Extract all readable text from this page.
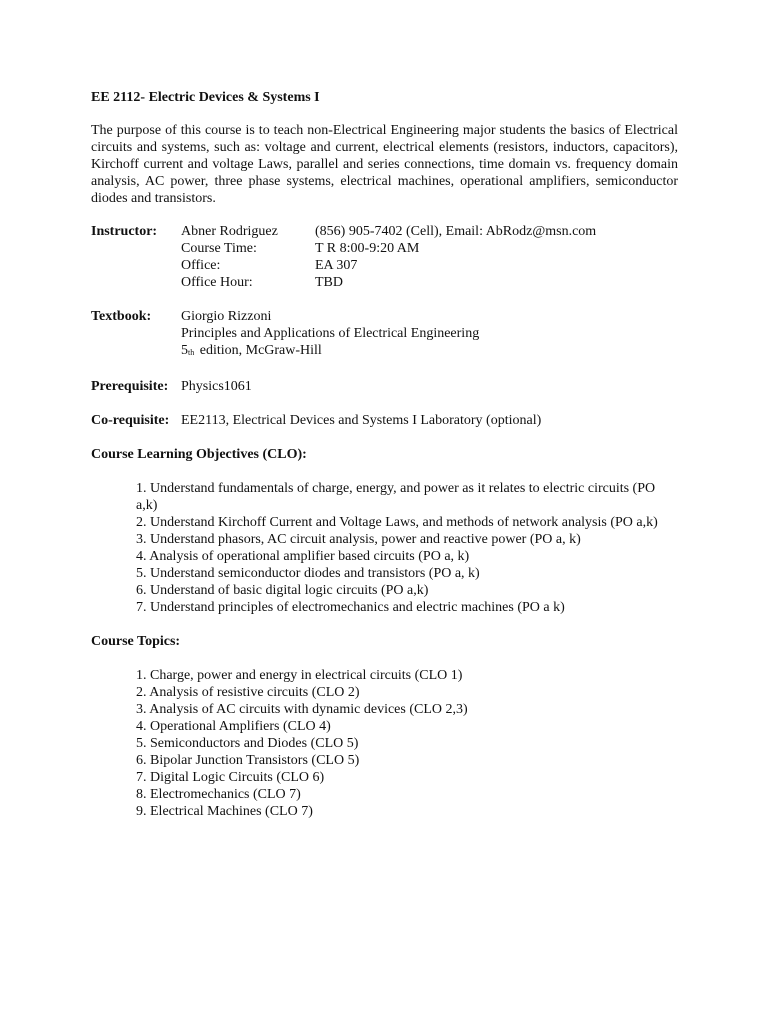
EE 2112- Electric Devices & Systems I
The purpose of this course is to teach non-Electrical Engineering major students the basics of Electrical circuits and systems, such as: voltage and current, electrical elements (resistors, inductors, capacitors), Kirchoff current and voltage Laws, parallel and series connections, time domain vs. frequency domain analysis, AC power, three phase systems, electrical machines, operational amplifiers, semiconductor diodes and transistors.
Instructor:	Abner Rodriguez	(856) 905-7402 (Cell), Email: AbRodz@msn.com
Course Time:	T R 8:00-9:20 AM
Office:	EA 307
Office Hour:	TBD
Textbook:	Giorgio Rizzoni
Principles and Applications of Electrical Engineering
5th edition, McGraw-Hill
Prerequisite: Physics1061
Co-requisite: EE2113, Electrical Devices and Systems I Laboratory (optional)
Course Learning Objectives (CLO):
1. Understand fundamentals of charge, energy, and power as it relates to electric circuits (PO a,k)
2. Understand Kirchoff Current and Voltage Laws, and methods of network analysis (PO a,k)
3. Understand phasors, AC circuit analysis, power and reactive power (PO a, k)
4. Analysis of operational amplifier based circuits (PO a, k)
5. Understand semiconductor diodes and transistors (PO a, k)
6. Understand of basic digital logic circuits (PO a,k)
7. Understand principles of electromechanics and electric machines (PO a k)
Course Topics:
1. Charge, power and energy in electrical circuits (CLO 1)
2. Analysis of resistive circuits (CLO 2)
3. Analysis of AC circuits with dynamic devices (CLO 2,3)
4. Operational Amplifiers (CLO 4)
5. Semiconductors and Diodes (CLO 5)
6. Bipolar Junction Transistors (CLO 5)
7. Digital Logic Circuits (CLO 6)
8. Electromechanics (CLO 7)
9. Electrical Machines (CLO 7)
